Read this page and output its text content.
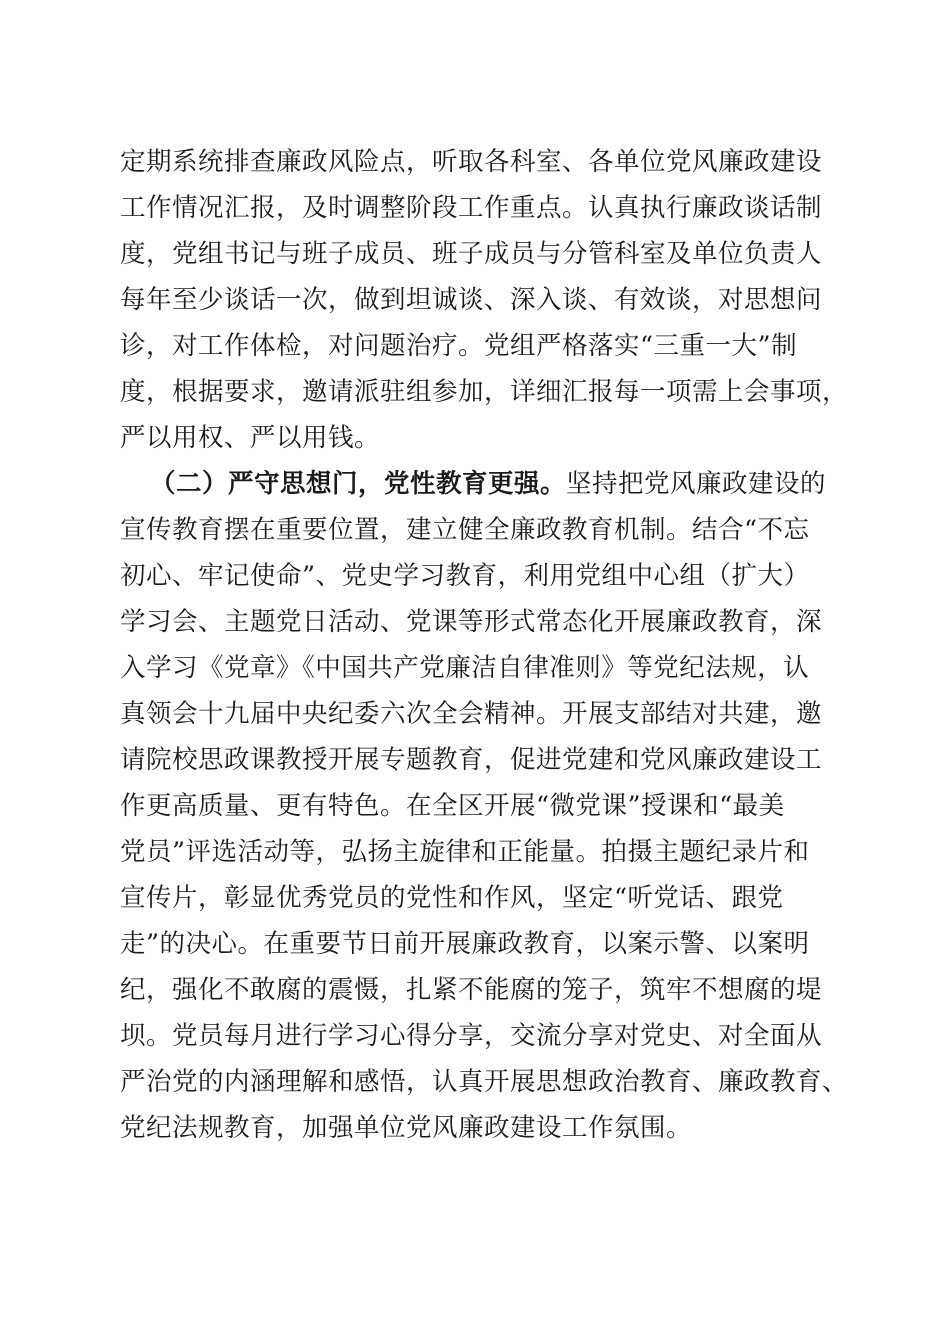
定期系统排查廉政风险点，听取各科室、各单位党风廉政建设
工作情况汇报，及时调整阶段工作重点。认真执行廉政谈话制
度，党组书记与班子成员、班子成员与分管科室及单位负责人
每年至少谈话一次，做到坦诚谈、深入谈、有效谈，对思想问
诊，对工作体检，对问题治疗。党组严格落实“三重一大”制
度，根据要求，邀请派驻组参加，详细汇报每一项需上会事项，
严以用权、严以用钱。
（二）严守思想门，党性教育更强。坚持把党风廉政建设的
宣传教育摆在重要位置，建立健全廉政教育机制。结合“不忘
初心、牢记使命”、党史学习教育，利用党组中心组（扩大）
学习会、主题党日活动、党课等形式常态化开展廉政教育，深
入学习《党章》《中国共产党廉洁自律准则》等党纪法规，认
真领会十九届中央纪委六次全会精神。开展支部结对共建，邀
请院校思政课教授开展专题教育，促进党建和党风廉政建设工
作更高质量、更有特色。在全区开展“微党课”授课和“最美
党员”评选活动等，弘扬主旋律和正能量。拍摄主题纪录片和
宣传片，彰显优秀党员的党性和作风，坚定“听党话、跟党
走”的决心。在重要节日前开展廉政教育，以案示警、以案明
纪，强化不敢腐的震慑，扎紧不能腐的笼子，筑牢不想腐的堤
坝。党员每月进行学习心得分享，交流分享对党史、对全面从
严治党的内涵理解和感悟，认真开展思想政治教育、廉政教育、
党纪法规教育，加强单位党风廉政建设工作氛围。
